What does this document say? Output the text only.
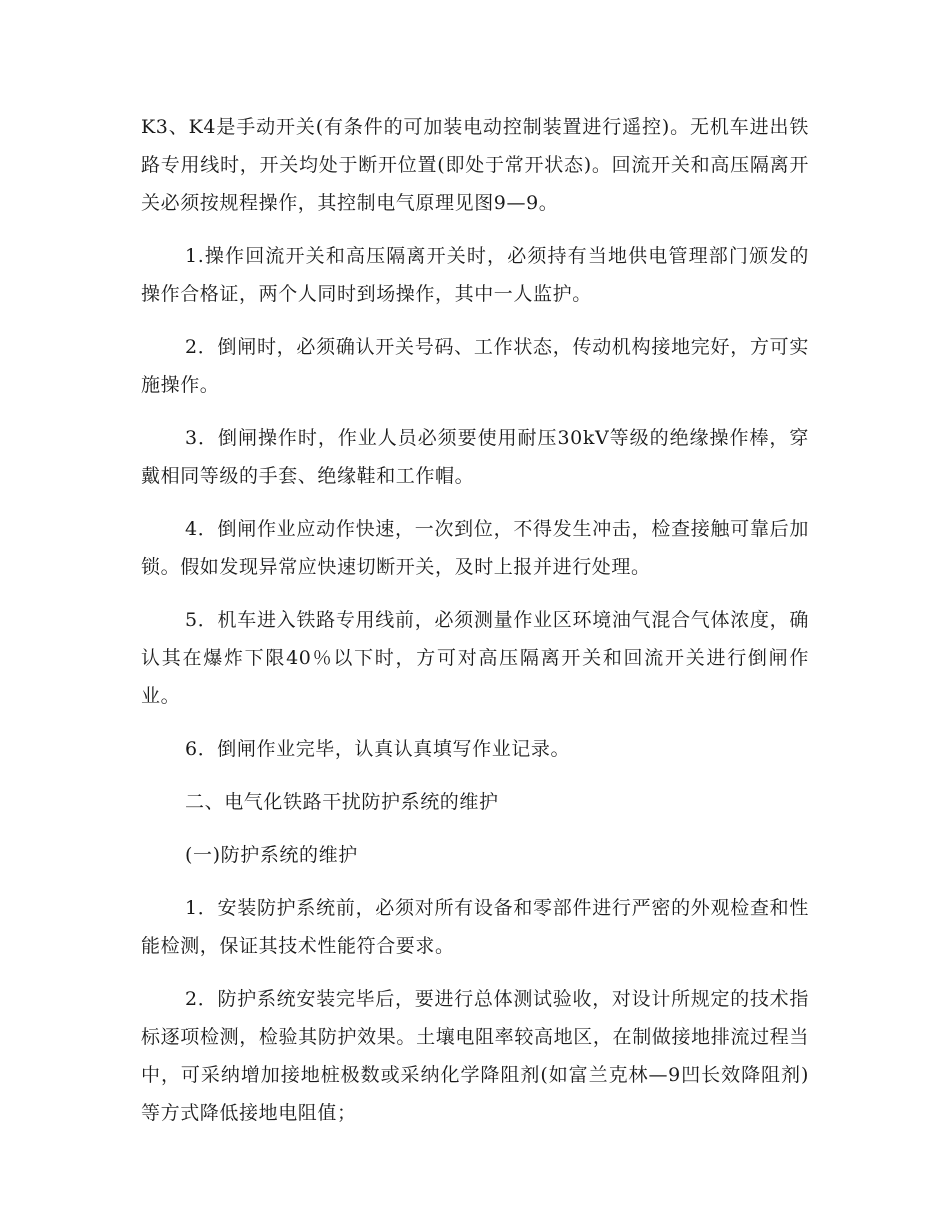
K3、K4是手动开关(有条件的可加装电动控制装置进行遥控)。无机车进出铁路专用线时，开关均处于断开位置(即处于常开状态)。回流开关和高压隔离开关必须按规程操作，其控制电气原理见图9—9。

1.操作回流开关和高压隔离开关时，必须持有当地供电管理部门颁发的操作合格证，两个人同时到场操作，其中一人监护。

2．倒闸时，必须确认开关号码、工作状态，传动机构接地完好，方可实施操作。

3．倒闸操作时，作业人员必须要使用耐压30kV等级的绝缘操作棒，穿戴相同等级的手套、绝缘鞋和工作帽。

4．倒闸作业应动作快速，一次到位，不得发生冲击，检查接触可靠后加锁。假如发现异常应快速切断开关，及时上报并进行处理。

5．机车进入铁路专用线前，必须测量作业区环境油气混合气体浓度，确认其在爆炸下限40％以下时，方可对高压隔离开关和回流开关进行倒闸作业。

6．倒闸作业完毕，认真认真填写作业记录。

二、电气化铁路干扰防护系统的维护

(一)防护系统的维护

1．安装防护系统前，必须对所有设备和零部件进行严密的外观检查和性能检测，保证其技术性能符合要求。

2．防护系统安装完毕后，要进行总体测试验收，对设计所规定的技术指标逐项检测，检验其防护效果。土壤电阻率较高地区，在制做接地排流过程当中，可采纳增加接地桩极数或采纳化学降阻剂(如富兰克林—9凹长效降阻剂)等方式降低接地电阻值；
